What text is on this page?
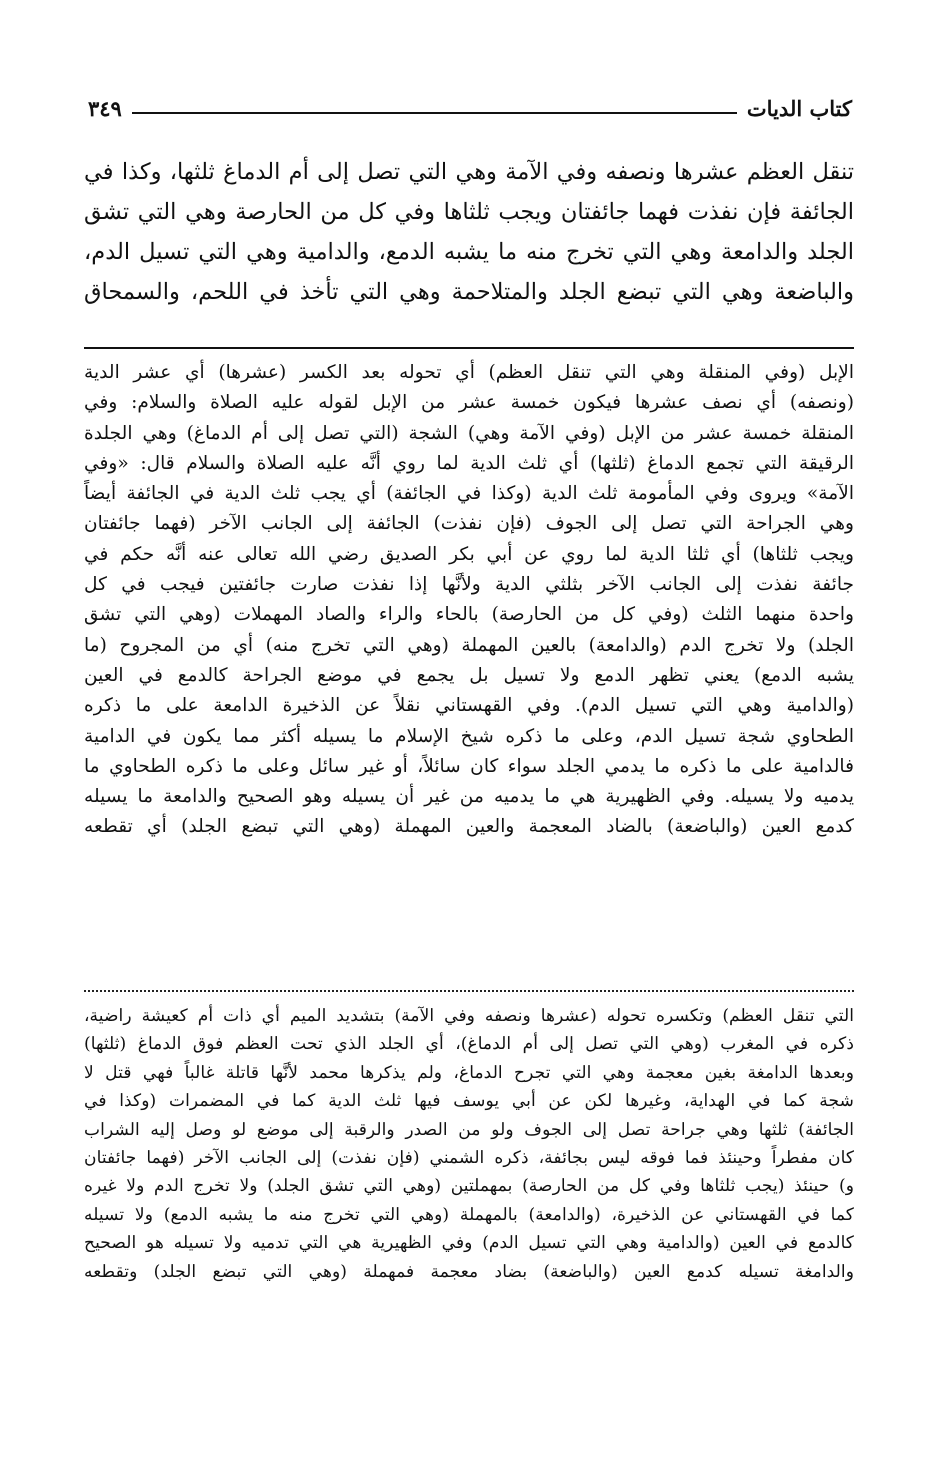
كتاب الديات
٣٤٩
تنقل العظم عشرها ونصفه وفي الآمة وهي التي تصل إلى أم الدماغ ثلثها، وكذا في
الجائفة فإن نفذت فهما جائفتان ويجب ثلثاها وفي كل من الحارصة وهي التي تشق
الجلد والدامعة وهي التي تخرج منه ما يشبه الدمع، والدامية وهي التي تسيل الدم،
والباضعة وهي التي تبضع الجلد والمتلاحمة وهي التي تأخذ في اللحم، والسمحاق
الإبل (وفي المنقلة وهي التي تنقل العظم) أي تحوله بعد الكسر (عشرها) أي عشر الدية
(ونصفه) أي نصف عشرها فيكون خمسة عشر من الإبل لقوله عليه الصلاة والسلام: وفي
المنقلة خمسة عشر من الإبل (وفي الآمة وهي) الشجة (التي تصل إلى أم الدماغ) وهي الجلدة
الرقيقة التي تجمع الدماغ (ثلثها) أي ثلث الدية لما روي أنَّه عليه الصلاة والسلام قال: «وفي
الآمة» ويروى وفي المأمومة ثلث الدية (وكذا في الجائفة) أي يجب ثلث الدية في الجائفة أيضاً
وهي الجراحة التي تصل إلى الجوف (فإن نفذت) الجائفة إلى الجانب الآخر (فهما جائفتان
ويجب ثلثاها) أي ثلثا الدية لما روي عن أبي بكر الصديق رضي الله تعالى عنه أنَّه حكم في
جائفة نفذت إلى الجانب الآخر بثلثي الدية ولأنَّها إذا نفذت صارت جائفتين فيجب في كل
واحدة منهما الثلث (وفي كل من الحارصة) بالحاء والراء والصاد المهملات (وهي التي تشق
الجلد) ولا تخرج الدم (والدامعة) بالعين المهملة (وهي التي تخرج منه) أي من المجروح (ما
يشبه الدمع) يعني تظهر الدمع ولا تسيل بل يجمع في موضع الجراحة كالدمع في العين
(والدامية وهي التي تسيل الدم). وفي القهستاني نقلاً عن الذخيرة الدامعة على ما ذكره
الطحاوي شجة تسيل الدم، وعلى ما ذكره شيخ الإسلام ما يسيله أكثر مما يكون في الدامية
فالدامية على ما ذكره ما يدمي الجلد سواء كان سائلاً، أو غير سائل وعلى ما ذكره الطحاوي ما
يدميه ولا يسيله. وفي الظهيرية هي ما يدميه من غير أن يسيله وهو الصحيح والدامعة ما يسيله
كدمع العين (والباضعة) بالضاد المعجمة والعين المهملة (وهي التي تبضع الجلد) أي تقطعه
التي تنقل العظم) وتكسره تحوله (عشرها ونصفه وفي الآمة) بتشديد الميم أي ذات أم كعيشة راضية،
ذكره في المغرب (وهي التي تصل إلى أم الدماغ)، أي الجلد الذي تحت العظم فوق الدماغ (ثلثها)
وبعدها الدامغة بغين معجمة وهي التي تجرح الدماغ، ولم يذكرها محمد لأنَّها قاتلة غالباً فهي قتل لا
شجة كما في الهداية، وغيرها لكن عن أبي يوسف فيها ثلث الدية كما في المضمرات (وكذا في
الجائفة) ثلثها وهي جراحة تصل إلى الجوف ولو من الصدر والرقبة إلى موضع لو وصل إليه الشراب
كان مفطراً وحينئذ فما فوقه ليس بجائفة، ذكره الشمني (فإن نفذت) إلى الجانب الآخر (فهما جائفتان
و) حينئذ (يجب ثلثاها وفي كل من الحارصة) بمهملتين (وهي التي تشق الجلد) ولا تخرج الدم ولا غيره
كما في القهستاني عن الذخيرة، (والدامعة) بالمهملة (وهي التي تخرج منه ما يشبه الدمع) ولا تسيله
كالدمع في العين (والدامية وهي التي تسيل الدم) وفي الظهيرية هي التي تدميه ولا تسيله هو الصحيح
والدامغة تسيله كدمع العين (والباضعة) بضاد معجمة فمهملة (وهي التي تبضع الجلد) وتقطعه
